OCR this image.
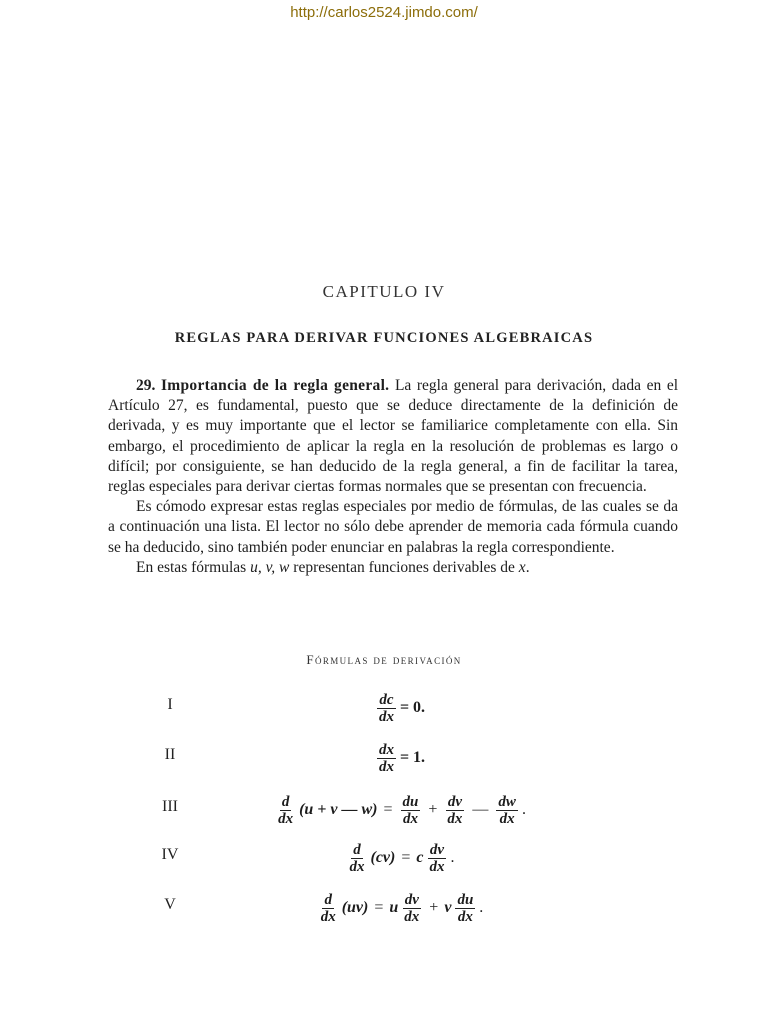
http://carlos2524.jimdo.com/
CAPITULO IV
REGLAS PARA DERIVAR FUNCIONES ALGEBRAICAS

29. Importancia de la regla general. La regla general para derivación, dada en el Artículo 27, es fundamental, puesto que se deduce directamente de la definición de derivada, y es muy importante que el lector se familiarice completamente con ella. Sin embargo, el procedimiento de aplicar la regla en la resolución de problemas es largo o difícil; por consiguiente, se han deducido de la regla general, a fin de facilitar la tarea, reglas especiales para derivar ciertas formas normales que se presentan con frecuencia.

Es cómodo expresar estas reglas especiales por medio de fórmulas, de las cuales se da a continuación una lista. El lector no sólo debe aprender de memoria cada fórmula cuando se ha deducido, sino también poder enunciar en palabras la regla correspondiente.

En estas fórmulas u, v, w representan funciones derivables de x.

Fórmulas de derivación
I	$\frac{dc}{dx} = 0$.
II	$\frac{dx}{dx} = 1$.
III	$\frac{d}{dx} (u + v$ — $w) = \frac{du}{dx} + \frac{dv}{dx}$ — $\frac{dw}{dx}$ .
IV	$\frac{d}{dx} (cv) = c \frac{dv}{dx}$ .
V	$\frac{d}{dx} (uv) = u \frac{dv}{dx} + v \frac{du}{dx}$ .
